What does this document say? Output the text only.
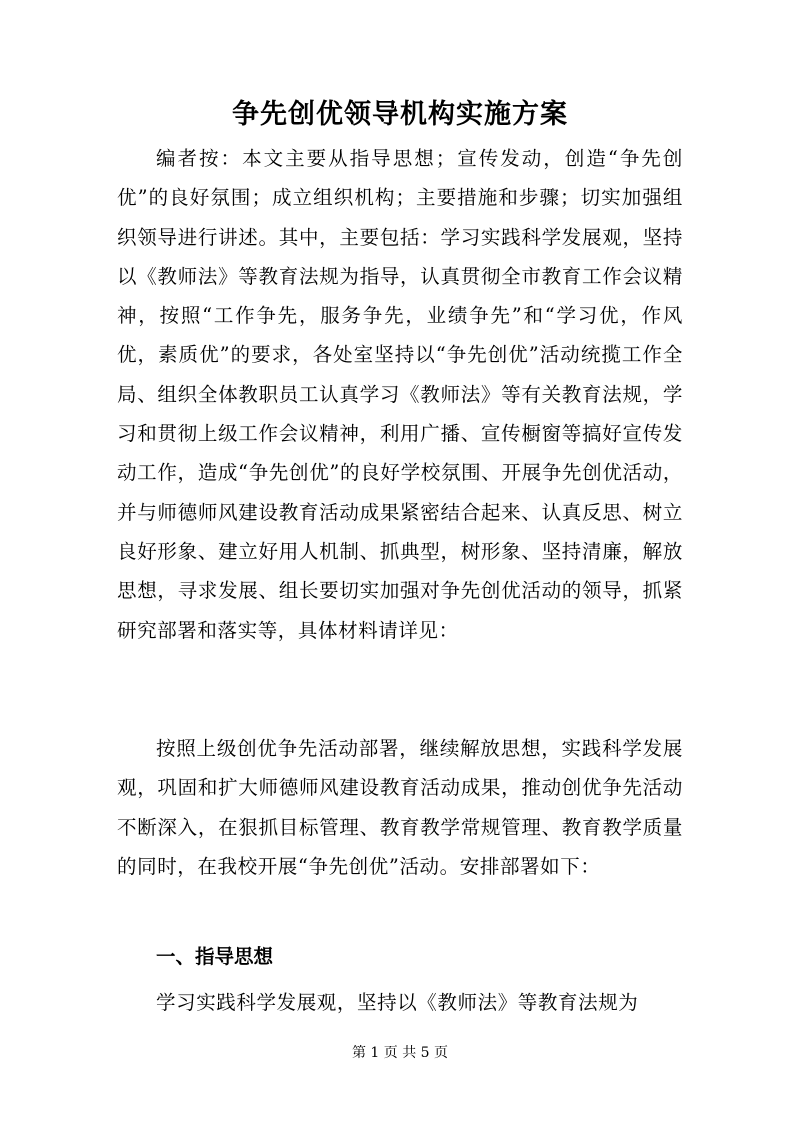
争先创优领导机构实施方案

编者按：本文主要从指导思想；宣传发动，创造“争先创优”的良好氛围；成立组织机构；主要措施和步骤；切实加强组织领导进行讲述。其中，主要包括：学习实践科学发展观，坚持以《教师法》等教育法规为指导，认真贯彻全市教育工作会议精神，按照“工作争先，服务争先，业绩争先”和“学习优，作风优，素质优”的要求，各处室坚持以“争先创优”活动统揽工作全局、组织全体教职员工认真学习《教师法》等有关教育法规，学习和贯彻上级工作会议精神，利用广播、宣传橱窗等搞好宣传发动工作，造成“争先创优”的良好学校氛围、开展争先创优活动，并与师德师风建设教育活动成果紧密结合起来、认真反思、树立良好形象、建立好用人机制、抓典型，树形象、坚持清廉，解放思想，寻求发展、组长要切实加强对争先创优活动的领导，抓紧研究部署和落实等，具体材料请详见：

按照上级创优争先活动部署，继续解放思想，实践科学发展观，巩固和扩大师德师风建设教育活动成果，推动创优争先活动不断深入，在狠抓目标管理、教育教学常规管理、教育教学质量的同时，在我校开展“争先创优”活动。安排部署如下：

一、指导思想

学习实践科学发展观，坚持以《教师法》等教育法规为

第 1 页 共 5 页
